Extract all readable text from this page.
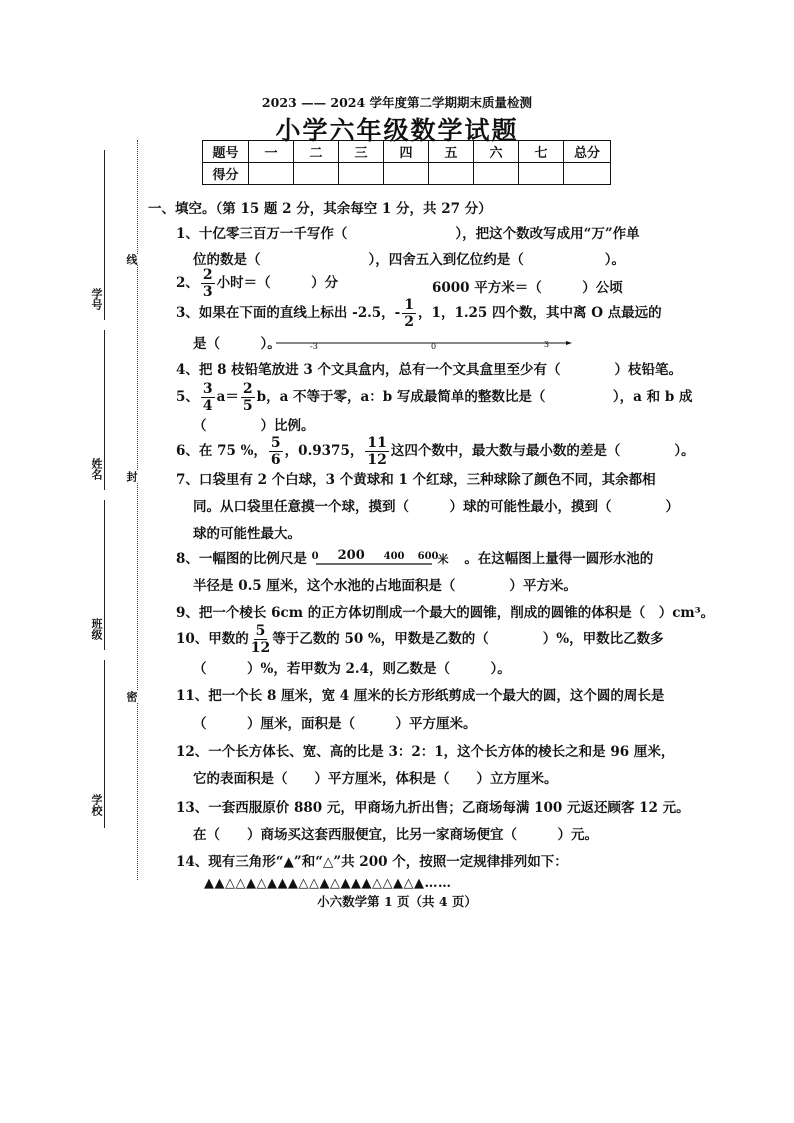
学号
姓名
班级
学校
线
封
密
2023 —— 2024 学年度第二学期期末质量检测
小学六年级数学试题
题号	一	二	三	四	五	六	七	总分
得分								
一、填空。（第 15 题 2 分，其余每空 1 分，共 27 分）
1、十亿零三百万一千写作（　　　　　　　　），把这个数改写成用“万”作单
位的数是（　　　　　　　　），四舍五入到亿位约是（　　　　　　）。
2、 $\frac{2}{3}$ 小时＝（　　　）分	6000 平方米＝（　　　）公顷
3、如果在下面的直线上标出 -2.5，- $\frac{1}{2}$ ，1，1.25 四个数，其中离 O 点最远的
是（　　　）。	-3	0	3
4、把 8 枝铅笔放进 3 个文具盒内，总有一个文具盒里至少有（　　　　）枝铅笔。
5、 $\frac{3}{4} a= \frac{2}{5}$ b，a 不等于零，a：b 写成最简单的整数比是（　　　　　），a 和 b 成
（　　　　）比例。
6、在 75 %， $\frac{5}{6}$ ，0.9375， $\frac{11}{12}$ 这四个数中，最大数与最小数的差是（　　　　）。
7、口袋里有 2 个白球，3 个黄球和 1 个红球，三种球除了颜色不同，其余都相
同。从口袋里任意摸一个球，摸到（　　　）球的可能性最小，摸到（　　　　）
球的可能性最大。
8、一幅图的比例尺是 0 200 400 600 米 。在这幅图上量得一圆形水池的
半径是 0.5 厘米，这个水池的占地面积是（　　　　）平方米。
9、把一个棱长 6cm 的正方体切削成一个最大的圆锥，削成的圆锥的体积是（　）cm³。
10、甲数的 $\frac{5}{12}$ 等于乙数的 50 %，甲数是乙数的（　　　　）%，甲数比乙数多
（　　　）%，若甲数为 2.4，则乙数是（　　　）。
11、把一个长 8 厘米，宽 4 厘米的长方形纸剪成一个最大的圆，这个圆的周长是
（　　　）厘米，面积是（　　　）平方厘米。
12、一个长方体长、宽、高的比是 3：2：1，这个长方体的棱长之和是 96 厘米，
它的表面积是（　　）平方厘米，体积是（　　）立方厘米。
13、一套西服原价 880 元，甲商场九折出售；乙商场每满 100 元返还顾客 12 元。
在（　　）商场买这套西服便宜，比另一家商场便宜（　　　）元。
14、现有三角形“▲”和“△”共 200 个，按照一定规律排列如下：
▲▲△△▲△▲▲▲△△▲△▲▲▲△△▲△▲……
小六数学第 1 页（共 4 页）
